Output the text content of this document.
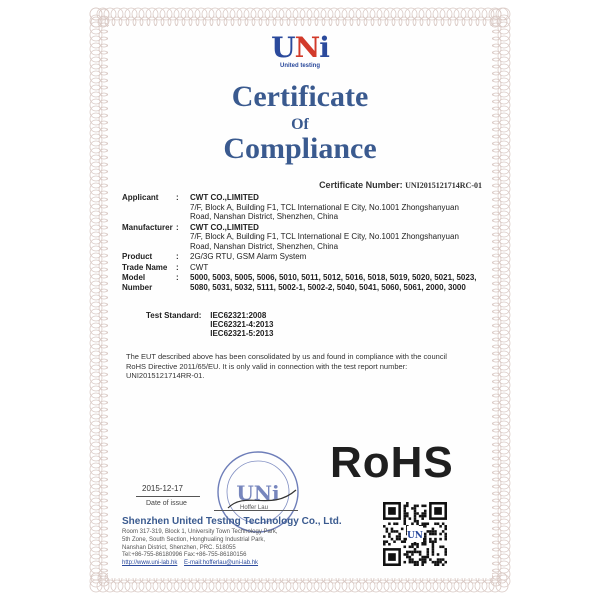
UNi
United testing
Certificate
Of
Compliance
Certificate Number: UNI2015121714RC-01
Applicant	:	CWT CO.,LIMITED
7/F, Block A, Building F1, TCL International E City, No.1001 Zhongshanyuan
Road, Nanshan District, Shenzhen, China
Manufacturer :	CWT CO.,LIMITED
7/F, Block A, Building F1, TCL International E City, No.1001 Zhongshanyuan
Road, Nanshan District, Shenzhen, China
Product	:	2G/3G RTU, GSM Alarm System
Trade Name	:	CWT
Model Number
:	5000, 5003, 5005, 5006, 5010, 5011, 5012, 5016, 5018, 5019, 5020, 5021, 5023,
5080, 5031, 5032, 5111, 5002-1, 5002-2, 5040, 5041, 5060, 5061, 2000, 3000
Test Standard: IEC62321:2008
IEC62321-4:2013
IEC62321-5:2013
The EUT described above has been consolidated by us and found in compliance with the council
RoHS Directive 2011/65/EU. It is only valid in connection with the test report number:
UNI2015121714RR-01.
RoHS
2015-12-17
Date of issue UNi
Hoffer Lau
Shenzhen United Testing Technology Co., Ltd.
Room 317-319, Block 1, University Town Technology Park,
5th Zone, South Section, Honghualing Industrial Park,
Nanshan District, Shenzhen, PRC. 518055
Tel:+86-755-86180996 Fax:+86-755-86180156
http://www.uni-lab.hk E-mail:hofferlau@uni-lab.hk
UN
